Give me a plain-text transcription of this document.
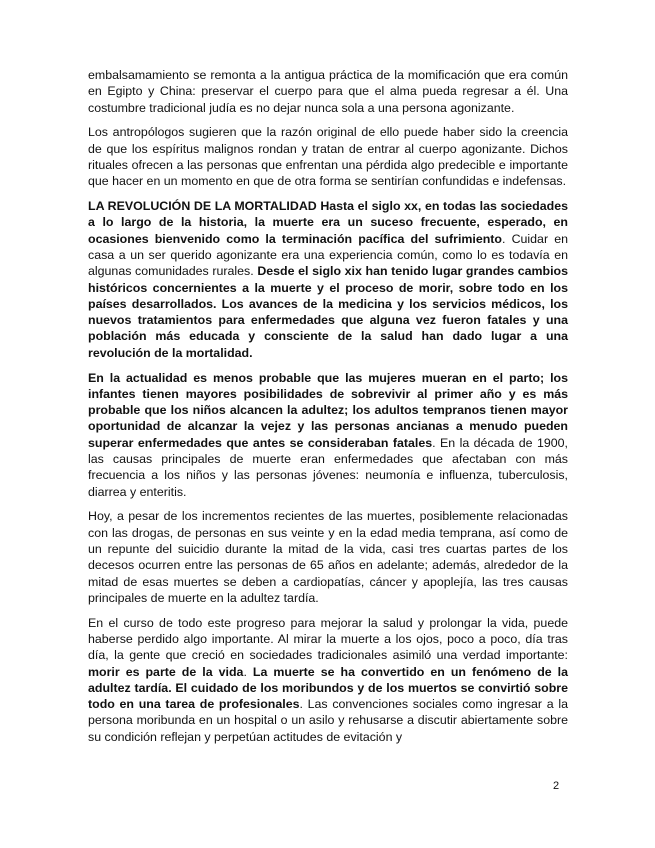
embalsamamiento se remonta a la antigua práctica de la momificación que era común en Egipto y China: preservar el cuerpo para que el alma pueda regresar a él. Una costumbre tradicional judía es no dejar nunca sola a una persona agonizante.

Los antropólogos sugieren que la razón original de ello puede haber sido la creencia de que los espíritus malignos rondan y tratan de entrar al cuerpo agonizante. Dichos rituales ofrecen a las personas que enfrentan una pérdida algo predecible e importante que hacer en un momento en que de otra forma se sentirían confundidas e indefensas.

LA REVOLUCIÓN DE LA MORTALIDAD Hasta el siglo xx, en todas las sociedades a lo largo de la historia, la muerte era un suceso frecuente, esperado, en ocasiones bienvenido como la terminación pacífica del sufrimiento. Cuidar en casa a un ser querido agonizante era una experiencia común, como lo es todavía en algunas comunidades rurales. Desde el siglo xix han tenido lugar grandes cambios históricos concernientes a la muerte y el proceso de morir, sobre todo en los países desarrollados. Los avances de la medicina y los servicios médicos, los nuevos tratamientos para enfermedades que alguna vez fueron fatales y una población más educada y consciente de la salud han dado lugar a una revolución de la mortalidad.

En la actualidad es menos probable que las mujeres mueran en el parto; los infantes tienen mayores posibilidades de sobrevivir al primer año y es más probable que los niños alcancen la adultez; los adultos tempranos tienen mayor oportunidad de alcanzar la vejez y las personas ancianas a menudo pueden superar enfermedades que antes se consideraban fatales. En la década de 1900, las causas principales de muerte eran enfermedades que afectaban con más frecuencia a los niños y las personas jóvenes: neumonía e influenza, tuberculosis, diarrea y enteritis.

Hoy, a pesar de los incrementos recientes de las muertes, posiblemente relacionadas con las drogas, de personas en sus veinte y en la edad media temprana, así como de un repunte del suicidio durante la mitad de la vida, casi tres cuartas partes de los decesos ocurren entre las personas de 65 años en adelante; además, alrededor de la mitad de esas muertes se deben a cardiopatías, cáncer y apoplejía, las tres causas principales de muerte en la adultez tardía.

En el curso de todo este progreso para mejorar la salud y prolongar la vida, puede haberse perdido algo importante. Al mirar la muerte a los ojos, poco a poco, día tras día, la gente que creció en sociedades tradicionales asimiló una verdad importante: morir es parte de la vida. La muerte se ha convertido en un fenómeno de la adultez tardía. El cuidado de los moribundos y de los muertos se convirtió sobre todo en una tarea de profesionales. Las convenciones sociales como ingresar a la persona moribunda en un hospital o un asilo y rehusarse a discutir abiertamente sobre su condición reflejan y perpetúan actitudes de evitación y

2
